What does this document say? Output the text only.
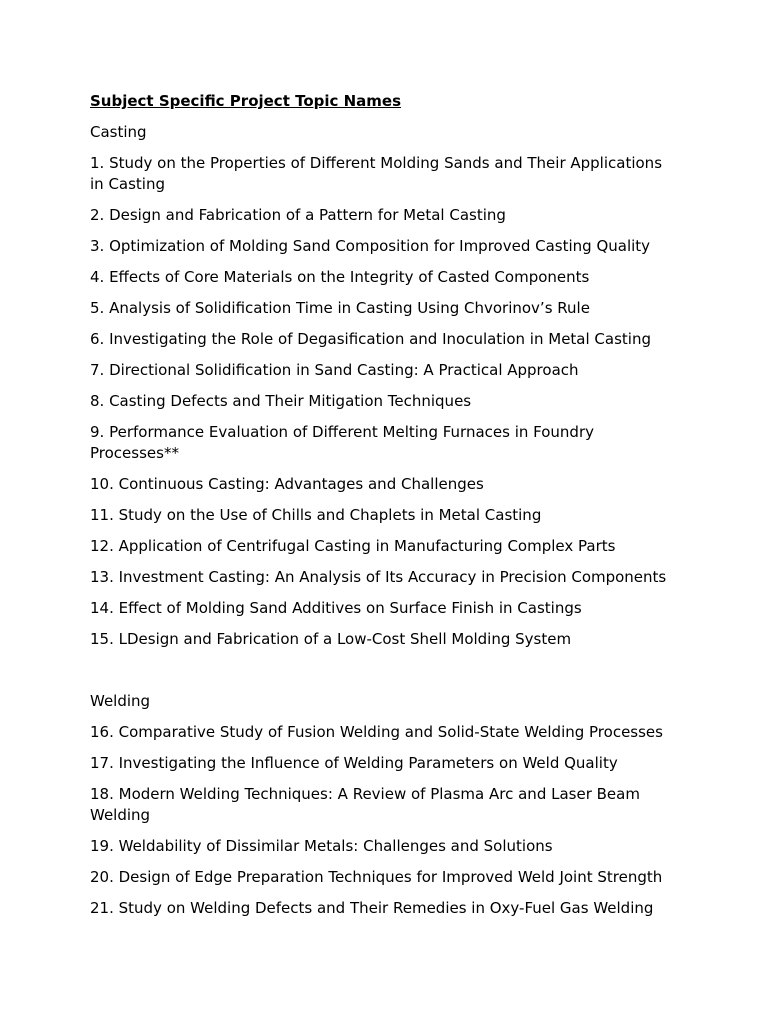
Subject Specific Project Topic Names
Casting
1. Study on the Properties of Different Molding Sands and Their Applications in Casting
2. Design and Fabrication of a Pattern for Metal Casting
3. Optimization of Molding Sand Composition for Improved Casting Quality
4. Effects of Core Materials on the Integrity of Casted Components
5. Analysis of Solidification Time in Casting Using Chvorinov’s Rule
6. Investigating the Role of Degasification and Inoculation in Metal Casting
7. Directional Solidification in Sand Casting: A Practical Approach
8. Casting Defects and Their Mitigation Techniques
9. Performance Evaluation of Different Melting Furnaces in Foundry Processes**
10. Continuous Casting: Advantages and Challenges
11. Study on the Use of Chills and Chaplets in Metal Casting
12. Application of Centrifugal Casting in Manufacturing Complex Parts
13. Investment Casting: An Analysis of Its Accuracy in Precision Components
14. Effect of Molding Sand Additives on Surface Finish in Castings
15. LDesign and Fabrication of a Low-Cost Shell Molding System
Welding
16. Comparative Study of Fusion Welding and Solid-State Welding Processes
17. Investigating the Influence of Welding Parameters on Weld Quality
18. Modern Welding Techniques: A Review of Plasma Arc and Laser Beam Welding
19. Weldability of Dissimilar Metals: Challenges and Solutions
20. Design of Edge Preparation Techniques for Improved Weld Joint Strength
21. Study on Welding Defects and Their Remedies in Oxy-Fuel Gas Welding
